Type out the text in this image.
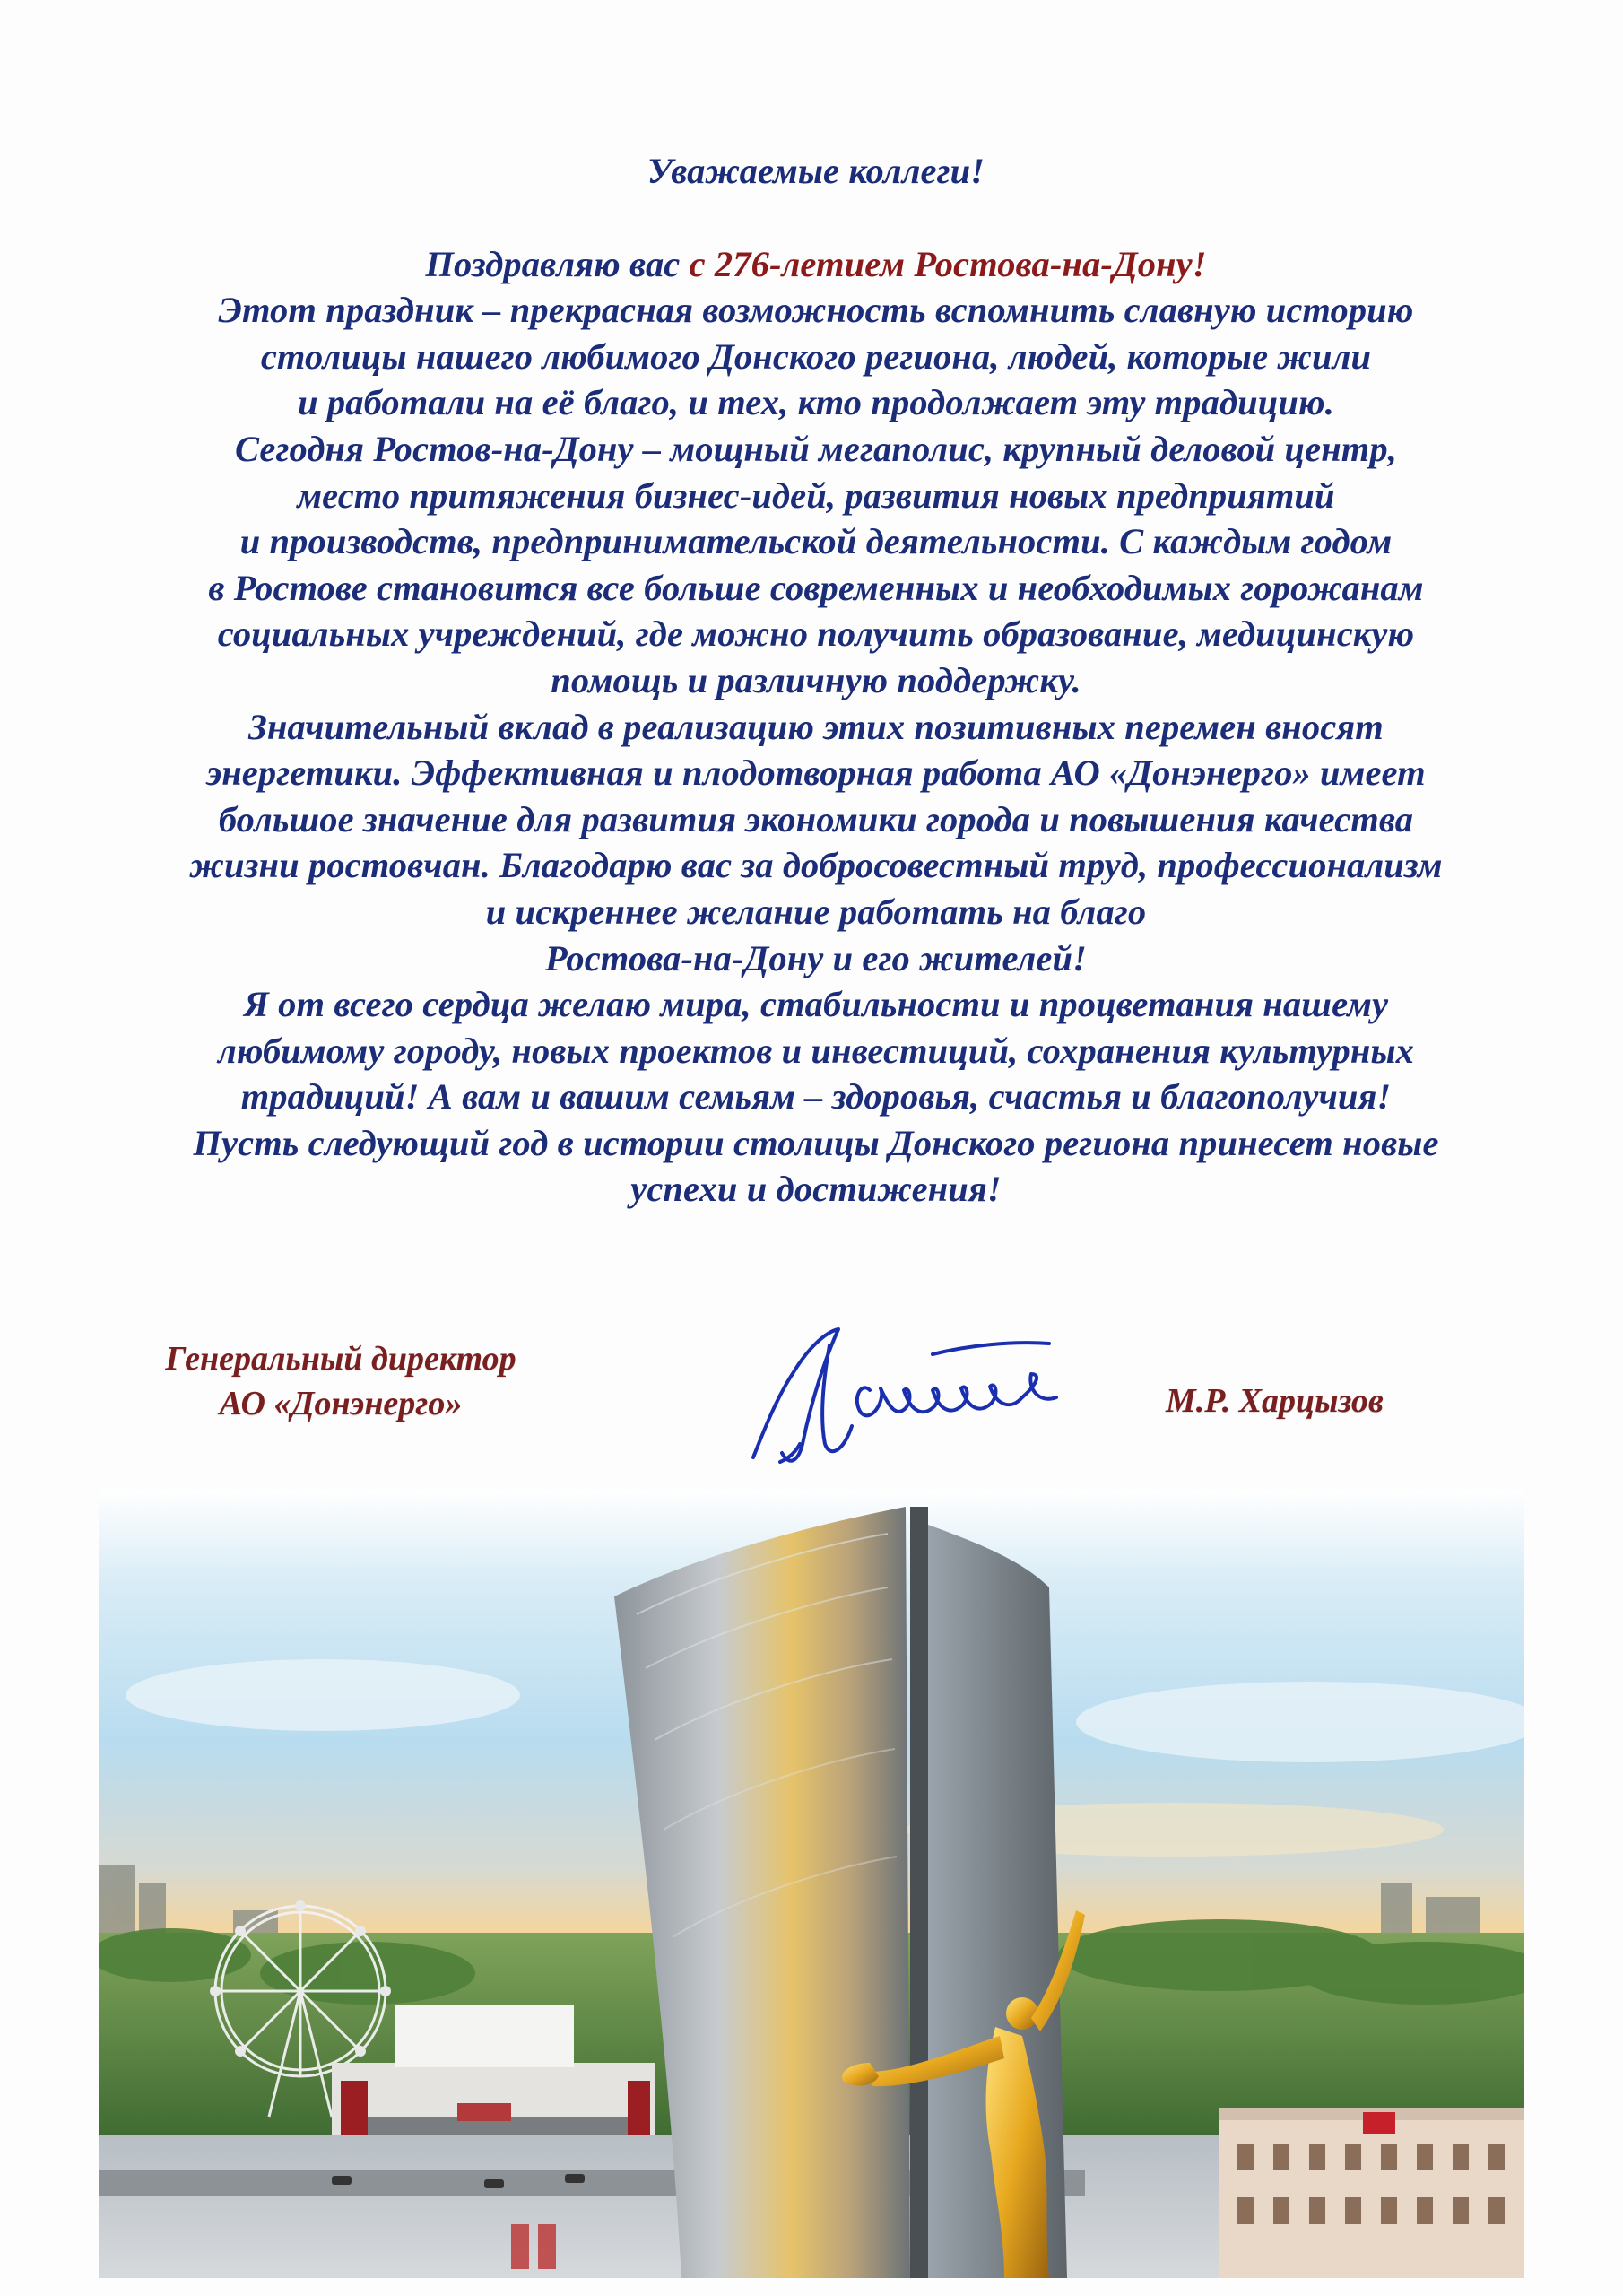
Уважаемые коллеги!
Поздравляю вас с 276-летием Ростова-на-Дону!
Этот праздник – прекрасная возможность вспомнить славную историю
столицы нашего любимого Донского региона, людей, которые жили
и работали на её благо, и тех, кто продолжает эту традицию.
Сегодня Ростов-на-Дону – мощный мегаполис, крупный деловой центр,
место притяжения бизнес-идей, развития новых предприятий
и производств, предпринимательской деятельности. С каждым годом
в Ростове становится все больше современных и необходимых горожанам
социальных учреждений, где можно получить образование, медицинскую
помощь и различную поддержку.
Значительный вклад в реализацию этих позитивных перемен вносят
энергетики. Эффективная и плодотворная работа АО «Донэнерго» имеет
большое значение для развития экономики города и повышения качества
жизни ростовчан. Благодарю вас за добросовестный труд, профессионализм
и искреннее желание работать на благо
Ростова-на-Дону и его жителей!
Я от всего сердца желаю мира, стабильности и процветания нашему
любимому городу, новых проектов и инвестиций, сохранения культурных
традиций! А вам и вашим семьям – здоровья, счастья и благополучия!
Пусть следующий год в истории столицы Донского региона принесет новые
успехи и достижения!
Генеральный директор
АО «Донэнерго»	М.Р. Харцызов
